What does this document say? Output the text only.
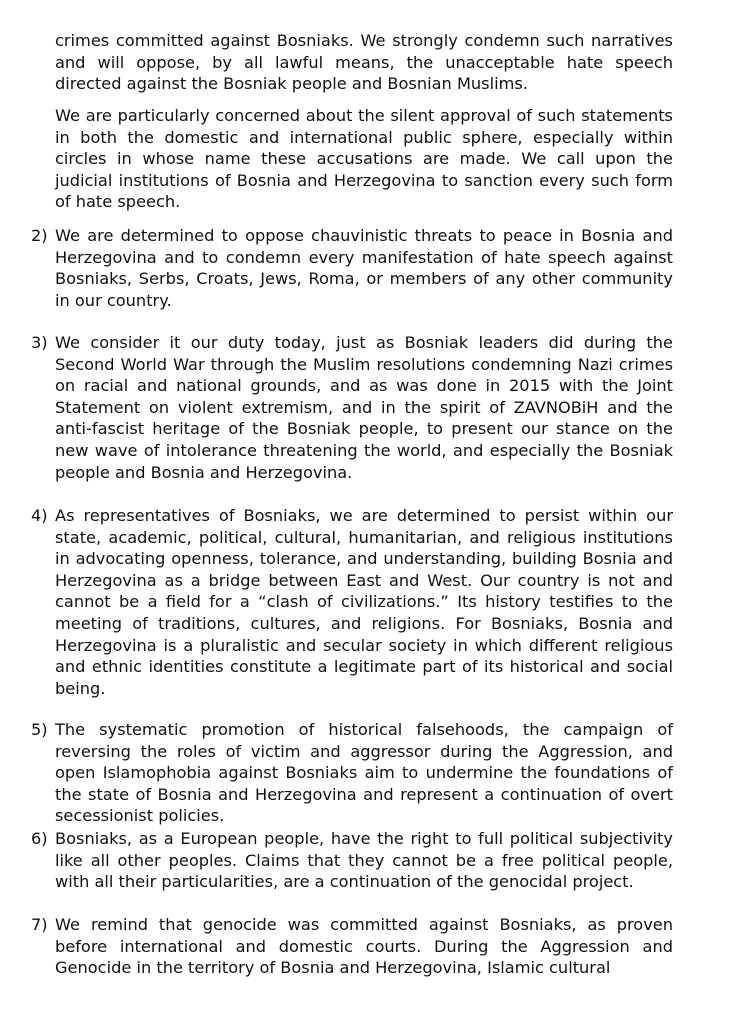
crimes committed against Bosniaks. We strongly condemn such narratives and will oppose, by all lawful means, the unacceptable hate speech directed against the Bosniak people and Bosnian Muslims.

We are particularly concerned about the silent approval of such statements in both the domestic and international public sphere, especially within circles in whose name these accusations are made. We call upon the judicial institutions of Bosnia and Herzegovina to sanction every such form of hate speech.

2) We are determined to oppose chauvinistic threats to peace in Bosnia and Herzegovina and to condemn every manifestation of hate speech against Bosniaks, Serbs, Croats, Jews, Roma, or members of any other community in our country.

3) We consider it our duty today, just as Bosniak leaders did during the Second World War through the Muslim resolutions condemning Nazi crimes on racial and national grounds, and as was done in 2015 with the Joint Statement on violent extremism, and in the spirit of ZAVNOBiH and the anti-fascist heritage of the Bosniak people, to present our stance on the new wave of intolerance threatening the world, and especially the Bosniak people and Bosnia and Herzegovina.

4) As representatives of Bosniaks, we are determined to persist within our state, academic, political, cultural, humanitarian, and religious institutions in advocating openness, tolerance, and understanding, building Bosnia and Herzegovina as a bridge between East and West. Our country is not and cannot be a field for a “clash of civilizations.” Its history testifies to the meeting of traditions, cultures, and religions. For Bosniaks, Bosnia and Herzegovina is a pluralistic and secular society in which different religious and ethnic identities constitute a legitimate part of its historical and social being.

5) The systematic promotion of historical falsehoods, the campaign of reversing the roles of victim and aggressor during the Aggression, and open Islamophobia against Bosniaks aim to undermine the foundations of the state of Bosnia and Herzegovina and represent a continuation of overt secessionist policies.

6) Bosniaks, as a European people, have the right to full political subjectivity like all other peoples. Claims that they cannot be a free political people, with all their particularities, are a continuation of the genocidal project.

7) We remind that genocide was committed against Bosniaks, as proven before international and domestic courts. During the Aggression and Genocide in the territory of Bosnia and Herzegovina, Islamic cultural
